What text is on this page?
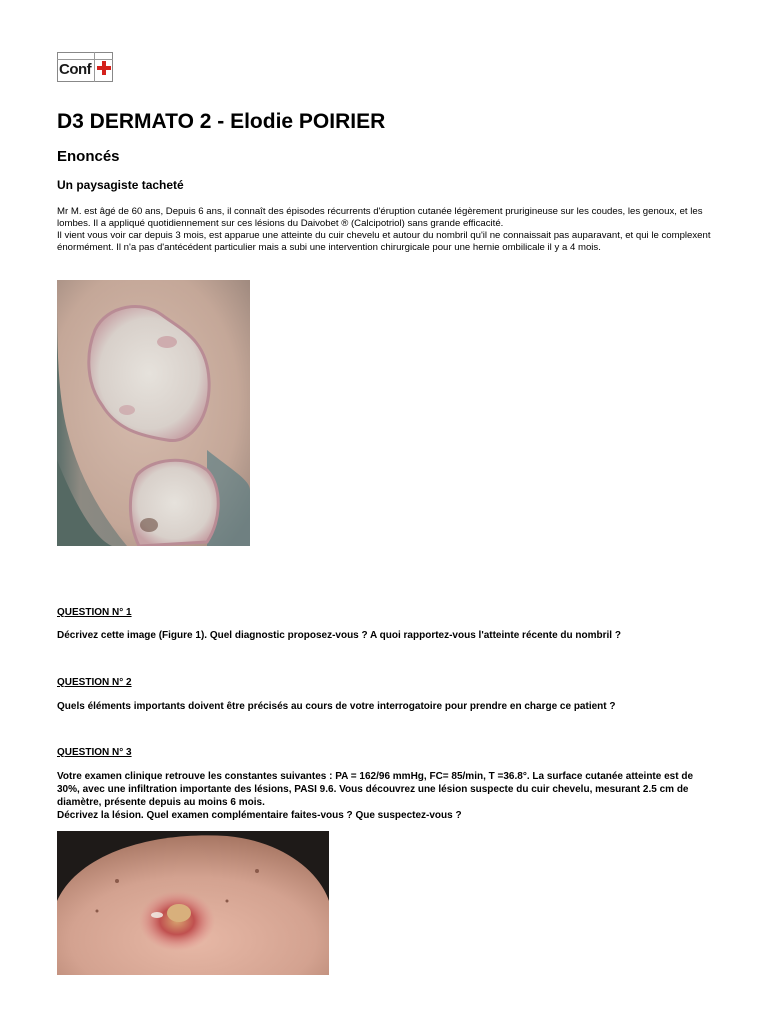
Conf
D3 DERMATO 2 - Elodie POIRIER
Enoncés
Un paysagiste tacheté

Mr M. est âgé de 60 ans, Depuis 6 ans, il connaît des épisodes récurrents d'éruption cutanée légèrement prurigineuse sur les coudes, les genoux, et les lombes. Il a appliqué quotidiennement sur ces lésions du Daivobet ® (Calcipotriol) sans grande efficacité.

Il vient vous voir car depuis 3 mois, est apparue une atteinte du cuir chevelu et autour du nombril qu'il ne connaissait pas auparavant, et qui le complexent énormément. Il n'a pas d'antécédent particulier mais a subi une intervention chirurgicale pour une hernie ombilicale il y a 4 mois.

QUESTION N° 1

Décrivez cette image (Figure 1). Quel diagnostic proposez-vous ? A quoi rapportez-vous l'atteinte récente du nombril ?

QUESTION N° 2

Quels éléments importants doivent être précisés au cours de votre interrogatoire pour prendre en charge ce patient ?

QUESTION N° 3

Votre examen clinique retrouve les constantes suivantes : PA = 162/96 mmHg, FC= 85/min, T =36.8°. La surface cutanée atteinte est de 30%, avec une infiltration importante des lésions, PASI 9.6. Vous découvrez une lésion suspecte du cuir chevelu, mesurant 2.5 cm de diamètre, présente depuis au moins 6 mois.

Décrivez la lésion. Quel examen complémentaire faites-vous ? Que suspectez-vous ?
